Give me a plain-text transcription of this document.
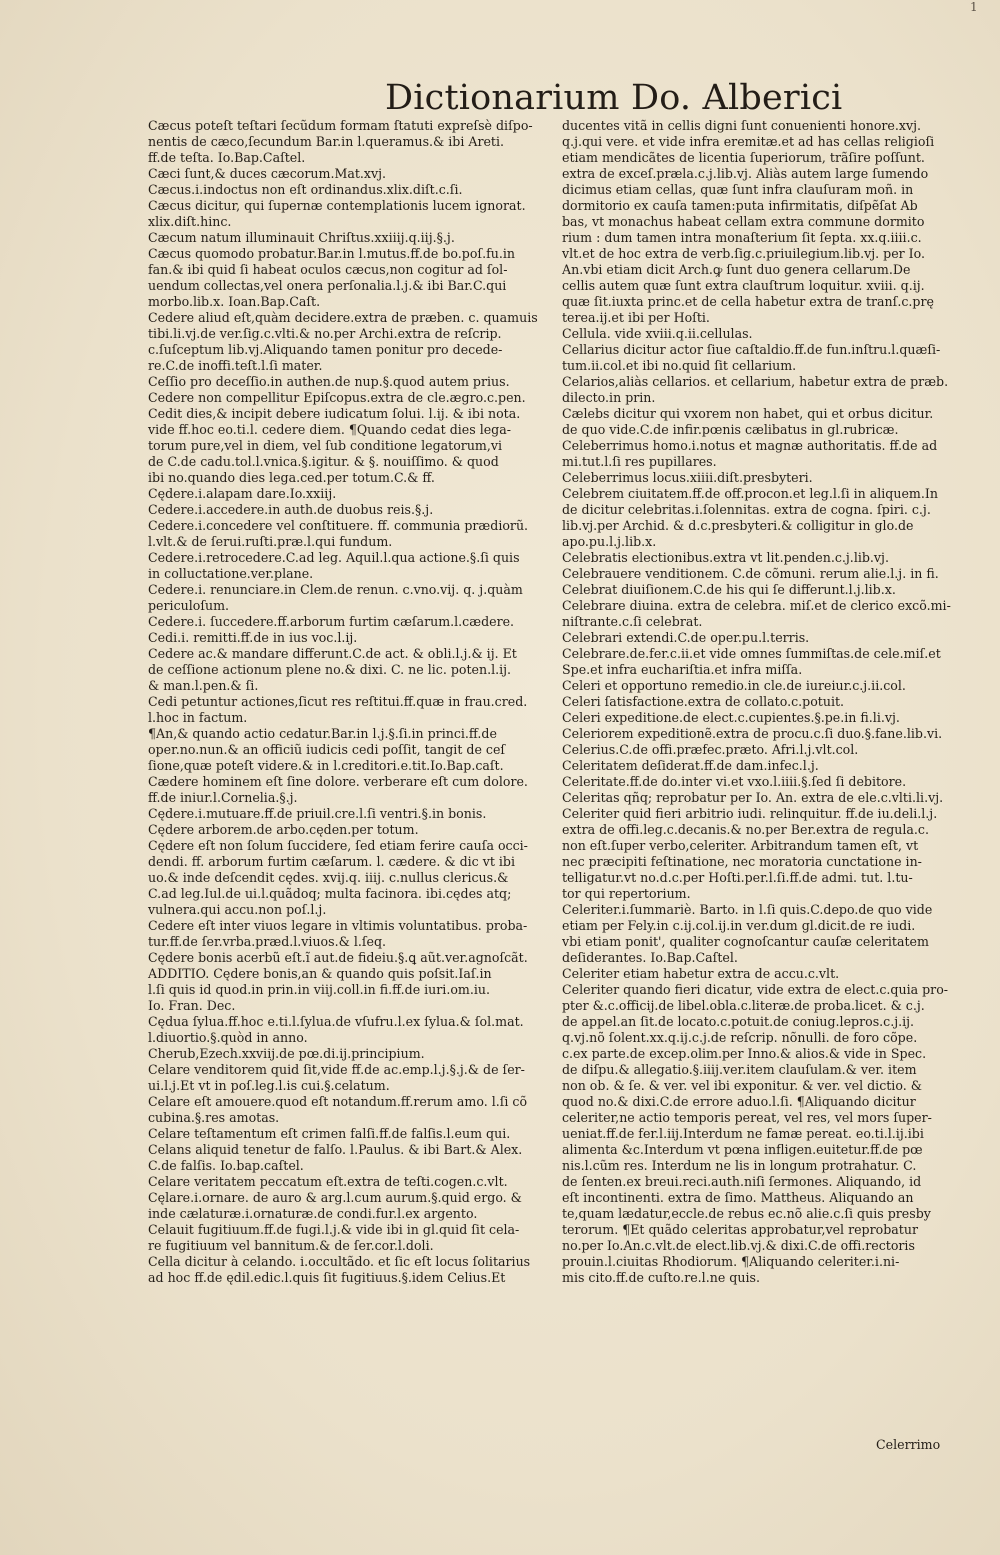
1
Dictionarium Do. Alberici
Cæcus poteſt teſtari ſecũdum formam ſtatuti expreſsè diſpo-
nentis de cæco,ſecundum Bar.in l.queramus.& ibi Areti.
ff.de teſta. Io.Bap.Caſtel.
Cæci ſunt,& duces cæcorum.Mat.xvj.
Cæcus.i.indoctus non eſt ordinandus.xlix.diſt.c.ſi.
Cæcus dicitur, qui ſupernæ contemplationis lucem ignorat.
xlix.diſt.hinc.
Cæcum natum illuminauit Chriſtus.xxiiij.q.iij.§.j.
Cæcus quomodo probatur.Bar.in l.mutus.ff.de bo.poſ.fu.in
fan.& ibi quid ſi habeat oculos cæcus,non cogitur ad ſol-
uendum collectas,vel onera perſonalia.l.j.& ibi Bar.C.qui
morbo.lib.x. Ioan.Bap.Caſt.
Cedere aliud eſt,quàm decidere.extra de præben. c. quamuis
tibi.li.vj.de ver.ſig.c.vlti.& no.per Archi.extra de reſcrip.
c.ſuſceptum lib.vj.Aliquando tamen ponitur pro decede-
re.C.de inoffi.teſt.l.ſi mater.
Ceſſio pro deceſſio.in authen.de nup.§.quod autem prius.
Cedere non compellitur Epiſcopus.extra de cle.ægro.c.pen.
Cedit dies,& incipit debere iudicatum ſolui. l.ij. & ibi nota.
vide ff.hoc eo.ti.l. cedere diem. ¶Quando cedat dies lega-
torum pure,vel in diem, vel ſub conditione legatorum,vi
de C.de cadu.tol.l.vnica.§.igitur. & §. nouiſſimo. & quod
ibi no.quando dies lega.ced.per totum.C.& ff.
Cędere.i.alapam dare.Io.xxiij.
Cedere.i.accedere.in auth.de duobus reis.§.j.
Cedere.i.concedere vel conſtituere. ff. communia prædiorũ.
l.vlt.& de ſerui.ruſti.præ.l.qui fundum.
Cedere.i.retrocedere.C.ad leg. Aquil.l.qua actione.§.ſi quis
in colluctatione.ver.plane.
Cedere.i. renunciare.in Clem.de renun. c.vno.vij. q. j.quàm
periculoſum.
Cedere.i. ſuccedere.ff.arborum furtim cæſarum.l.cædere.
Cedi.i. remitti.ff.de in ius voc.l.ij.
Cedere ac.& mandare differunt.C.de act. & obli.l.j.& ij. Et
de ceſſione actionum plene no.& dixi. C. ne lic. poten.l.ij.
& man.l.pen.& ſi.
Cedi petuntur actiones,ſicut res reſtitui.ff.quæ in frau.cred.
l.hoc in factum.
¶An,& quando actio cedatur.Bar.in l.j.§.ſi.in princi.ff.de
oper.no.nun.& an officiũ iudicis cedi poſſit, tangit de ceſ
ſione,quæ poteſt videre.& in l.creditori.e.tit.Io.Bap.caſt.
Cædere hominem eſt ſine dolore. verberare eſt cum dolore.
ff.de iniur.l.Cornelia.§.j.
Cędere.i.mutuare.ff.de priuil.cre.l.ſi ventri.§.in bonis.
Cędere arborem.de arbo.cęden.per totum.
Cędere eſt non ſolum ſuccidere, ſed etiam ferire cauſa occi-
dendi. ff. arborum furtim cæſarum. l. cædere. & dic vt ibi
uo.& inde deſcendit cędes. xvij.q. iiij. c.nullus clericus.&
C.ad leg.Iul.de ui.l.quãdoq; multa facinora. ibi.cędes atq;
vulnera.qui accu.non poſ.l.j.
Cedere eſt inter viuos legare in vltimis voluntatibus. proba-
tur.ff.de ſer.vrba.præd.l.viuos.& l.ſeq.
Cędere bonis acerbũ eſt.ĩ aut.de fideiu.§.ꝗ aũt.ver.agnoſcãt.
ADDITIO. Cędere bonis,an & quando quis poſsit.Iaſ.in
l.ſi quis id quod.in prin.in viij.coll.in fi.ff.de iuri.om.iu.
Io. Fran. Dec.
Cędua ſylua.ff.hoc e.ti.l.ſylua.de vſufru.l.ex ſylua.& ſol.mat.
l.diuortio.§.quòd in anno.
Cherub,Ezech.xxviij.de pœ.di.ij.principium.
Celare venditorem quid ſit,vide ff.de ac.emp.l.j.§.j.& de ſer-
ui.l.j.Et vt in poſ.leg.l.is cui.§.celatum.
Celare eſt amouere.quod eſt notandum.ff.rerum amo. l.ſi cõ
cubina.§.res amotas.
Celare teſtamentum eſt crimen falſi.ff.de falſis.l.eum qui.
Celans aliquid tenetur de falſo. l.Paulus. & ibi Bart.& Alex.
C.de falſis. Io.bap.caſtel.
Celare veritatem peccatum eſt.extra de teſti.cogen.c.vlt.
Cęlare.i.ornare. de auro & arg.l.cum aurum.§.quid ergo. &
inde cælaturæ.i.ornaturæ.de condi.fur.l.ex argento.
Celauit fugitiuum.ff.de fugi.l.j.& vide ibi in gl.quid ſit cela-
re fugitiuum vel bannitum.& de ſer.cor.l.doli.
Cella dicitur à celando. i.occultãdo. et ſic eſt locus ſolitarius
ad hoc ff.de ędil.edic.l.quis ſit fugitiuus.§.idem Celius.Et
ducentes vitã in cellis digni ſunt conuenienti honore.xvj.
q.j.qui vere. et vide infra eremitæ.et ad has cellas religioſi
etiam mendicãtes de licentia ſuperiorum, trãſire poſſunt.
extra de exceſ.præla.c.j.lib.vj. Aliàs autem large ſumendo
dicimus etiam cellas, quæ ſunt infra clauſuram moñ. in
dormitorio ex cauſa tamen:puta infirmitatis, diſpẽſat Ab
bas, vt monachus habeat cellam extra commune dormito
rium : dum tamen intra monaſterium ſit ſepta. xx.q.iiii.c.
vlt.et de hoc extra de verb.ſig.c.priuilegium.lib.vj. per Io.
An.vbi etiam dicit Arch.ꝙ ſunt duo genera cellarum.De
cellis autem quæ ſunt extra clauſtrum loquitur. xviii. q.ij.
quæ ſit.iuxta princ.et de cella habetur extra de tranſ.c.prę
terea.ij.et ibi per Hoſti.
Cellula. vide xviii.q.ii.cellulas.
Cellarius dicitur actor ſiue caſtaldio.ff.de fun.inſtru.l.quæſi-
tum.ii.col.et ibi no.quid ſit cellarium.
Celarios,aliàs cellarios. et cellarium, habetur extra de præb.
dilecto.in prin.
Cælebs dicitur qui vxorem non habet, qui et orbus dicitur.
de quo vide.C.de infir.pœnis cælibatus in gl.rubricæ.
Celeberrimus homo.i.notus et magnæ authoritatis. ff.de ad
mi.tut.l.ſi res pupillares.
Celeberrimus locus.xiiii.diſt.presbyteri.
Celebrem ciuitatem.ff.de off.procon.et leg.l.ſi in aliquem.In
de dicitur celebritas.i.ſolennitas. extra de cogna. ſpiri. c.j.
lib.vj.per Archid. & d.c.presbyteri.& colligitur in glo.de
apo.pu.l.j.lib.x.
Celebratis electionibus.extra vt lit.penden.c.j.lib.vj.
Celebrauere venditionem. C.de cõmuni. rerum alie.l.j. in fi.
Celebrat diuiſionem.C.de his qui ſe differunt.l.j.lib.x.
Celebrare diuina. extra de celebra. miſ.et de clerico excõ.mi-
niſtrante.c.ſi celebrat.
Celebrari extendi.C.de oper.pu.l.terris.
Celebrare.de.fer.c.ii.et vide omnes ſummiſtas.de cele.miſ.et
Spe.et infra euchariſtia.et infra miſſa.
Celeri et opportuno remedio.in cle.de iureiur.c.j.ii.col.
Celeri ſatisfactione.extra de collato.c.potuit.
Celeri expeditione.de elect.c.cupientes.§.pe.in fi.li.vj.
Celeriorem expeditionẽ.extra de procu.c.ſi duo.§.fane.lib.vi.
Celerius.C.de offi.præfec.prӕto. Afri.l.j.vlt.col.
Celeritatem deſiderat.ff.de dam.infec.l.j.
Celeritate.ff.de do.inter vi.et vxo.l.iiii.§.ſed ſi debitore.
Celeritas qñq; reprobatur per Io. An. extra de ele.c.vlti.li.vj.
Celeriter quid fieri arbitrio iudi. relinquitur. ff.de iu.deli.l.j.
extra de offi.leg.c.decanis.& no.per Ber.extra de regula.c.
non eſt.ſuper verbo,celeriter. Arbitrandum tamen eſt, vt
nec præcipiti feſtinatione, nec moratoria cunctatione in-
telligatur.vt no.d.c.per Hoſti.per.l.ſi.ff.de admi. tut. l.tu-
tor qui repertorium.
Celeriter.i.ſummariè. Barto. in l.ſi quis.C.depo.de quo vide
etiam per Fely.in c.ij.col.ij.in ver.dum gl.dicit.de re iudi.
vbi etiam ponit', qualiter cognoſcantur cauſæ celeritatem
deſiderantes. Io.Bap.Caſtel.
Celeriter etiam habetur extra de accu.c.vlt.
Celeriter quando fieri dicatur, vide extra de elect.c.quia pro-
pter &.c.officij.de libel.obla.c.literæ.de proba.licet. & c.j.
de appel.an ſit.de locato.c.potuit.de coniug.lepros.c.j.ij.
q.vj.nõ ſolent.xx.q.ij.c.j.de reſcrip. nõnulli. de foro cõpe.
c.ex parte.de excep.olim.per Inno.& alios.& vide in Spec.
de diſpu.& allegatio.§.iiij.ver.item clauſulam.& ver. item
non ob. & ſe. & ver. vel ibi exponitur. & ver. vel dictio. &
quod no.& dixi.C.de errore aduo.l.ſi. ¶Aliquando dicitur
celeriter,ne actio temporis pereat, vel res, vel mors ſuper-
ueniat.ff.de fer.l.iij.Interdum ne famæ pereat. eo.ti.l.ij.ibi
alimenta &c.Interdum vt pœna infligen.euitetur.ff.de pœ
nis.l.cũm res. Interdum ne lis in longum protrahatur. C.
de ſenten.ex breui.reci.auth.niſi ſermones. Aliquando, id
eſt incontinenti. extra de ſimo. Mattheus. Aliquando an
te,quam lædatur,eccle.de rebus ec.nõ alie.c.ſi quis presby
terorum. ¶Et quãdo celeritas approbatur,vel reprobatur
no.per Io.An.c.vlt.de elect.lib.vj.& dixi.C.de offi.rectoris
prouin.l.ciuitas Rhodiorum. ¶Aliquando celeriter.i.ni-
mis cito.ff.de cuſto.re.l.ne quis.
Celerrimo
